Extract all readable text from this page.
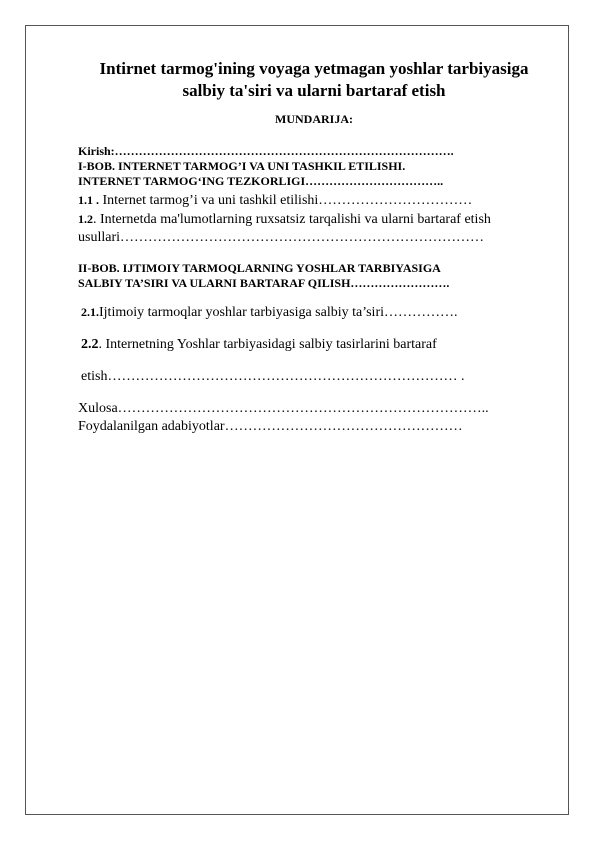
Intirnet tarmog'ining voyaga yetmagan yoshlar tarbiyasiga
salbiy ta'siri va ularni bartaraf etish
MUNDARIJA:
Kirish:………………………………………………………………………….
I-BOB. INTERNET TARMOG’I VA UNI TASHKIL ETILISHI.
INTERNET TARMOG‘ING TEZKORLIGI……………………………..
1.1 . Internet tarmog’i va uni tashkil etilishi……………………………
1.2. Internetda ma'lumotlarning ruxsatsiz tarqalishi va ularni bartaraf etish
usullari……………………………………………………………………
II-BOB. IJTIMOIY TARMOQLARNING YOSHLAR TARBIYASIGA
SALBIY TA’SIRI VA ULARNI BARTARAF QILISH…………………….
2.1.Ijtimoiy tarmoqlar yoshlar tarbiyasiga salbiy ta’siri…………….
2.2. Internetning Yoshlar tarbiyasidagi salbiy tasirlarini bartaraf
etish………………………………………………………………… .
Xulosa……………………………………………………………………..
Foydalanilgan adabiyotlar……………………………………………
